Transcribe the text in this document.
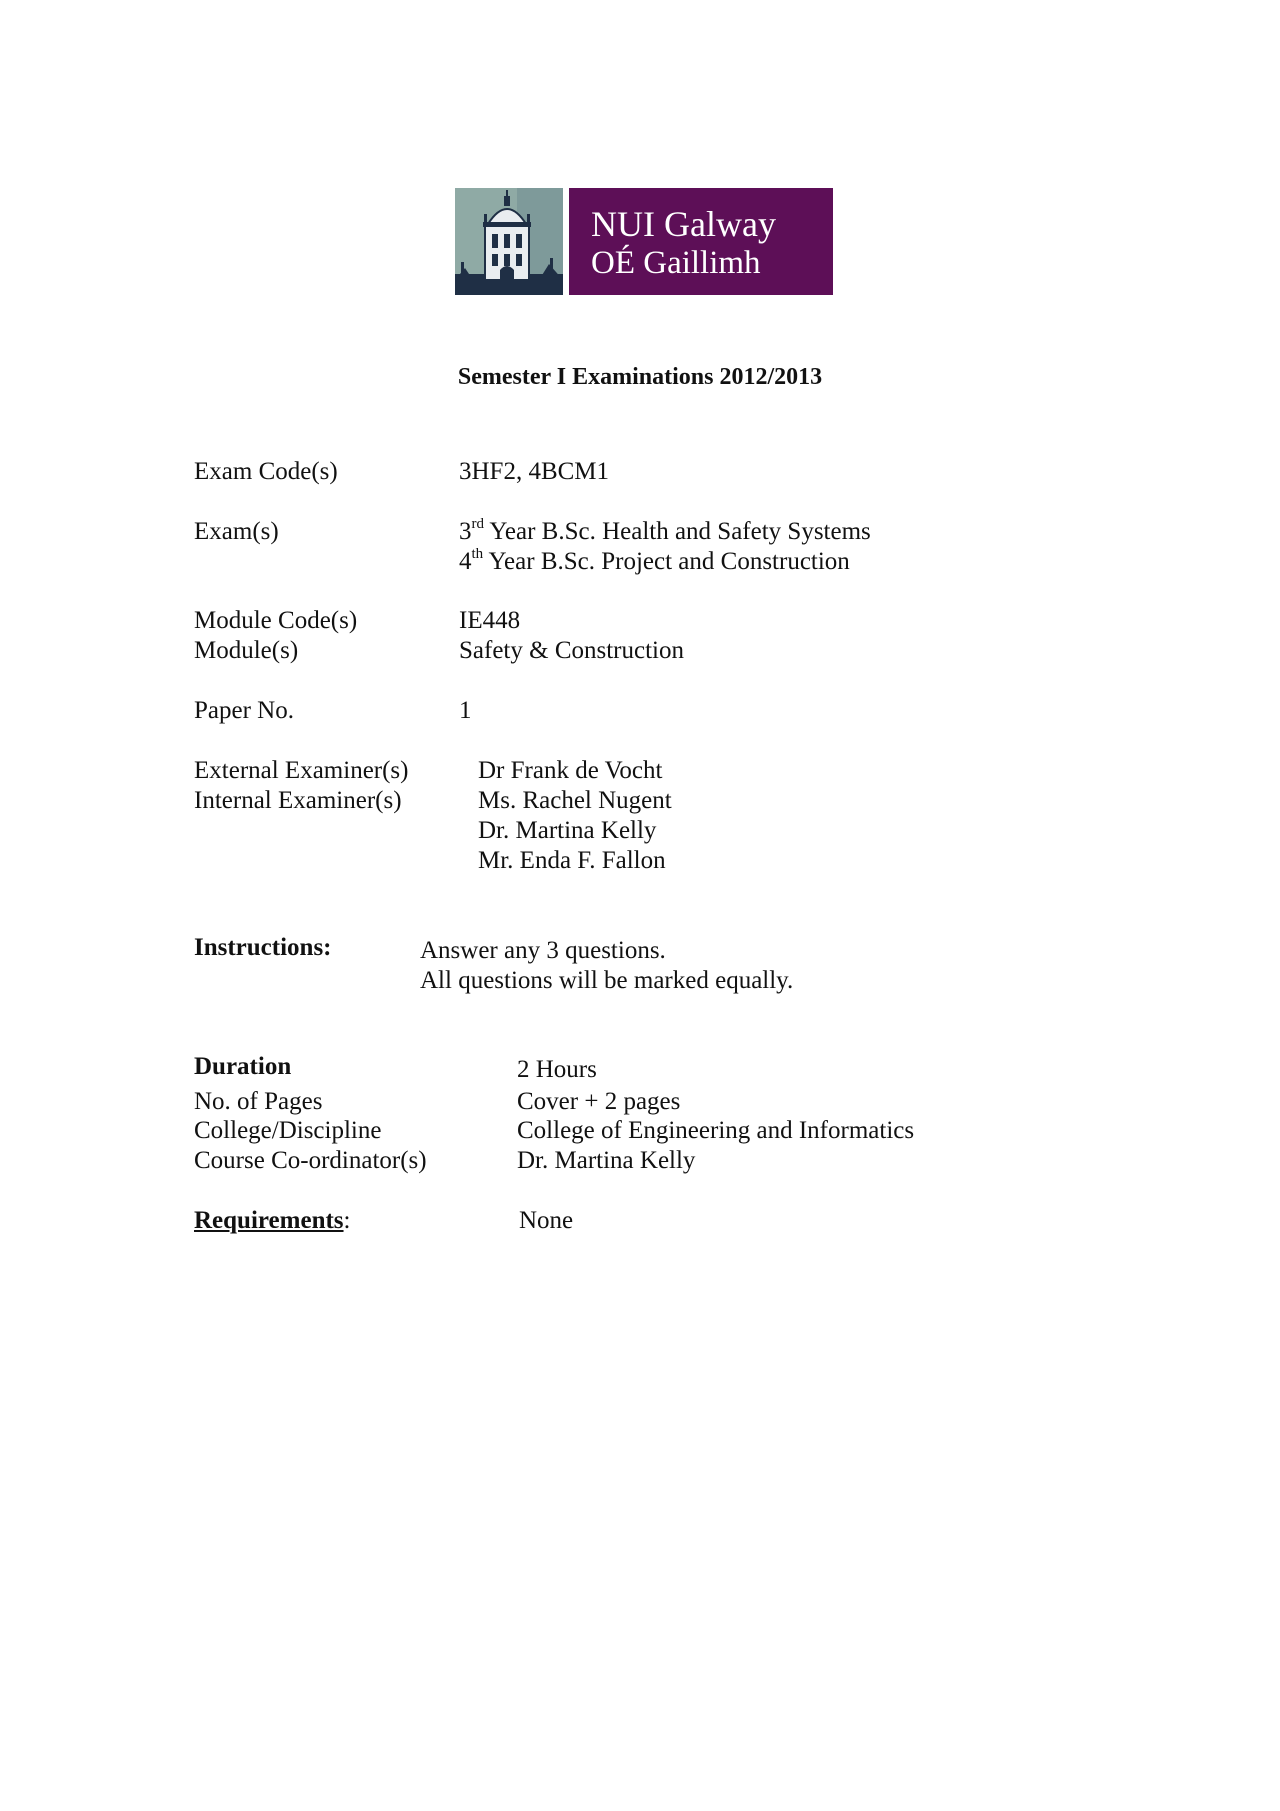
NUI Galway
OÉ Gaillimh
Semester I Examinations 2012/2013
Exam Code(s)	3HF2, 4BCM1
Exam(s)	3rd Year B.Sc. Health and Safety Systems
4th Year B.Sc. Project and Construction
Module Code(s)	IE448
Module(s)	Safety & Construction
Paper No.	1
External Examiner(s)	Dr Frank de Vocht
Internal Examiner(s)	Ms. Rachel Nugent
Dr. Martina Kelly
Mr. Enda F. Fallon
Instructions:	Answer any 3 questions.
All questions will be marked equally.
Duration	2 Hours
No. of Pages	Cover + 2 pages
College/Discipline	College of Engineering and Informatics
Course Co-ordinator(s)	Dr. Martina Kelly
Requirements:	None
